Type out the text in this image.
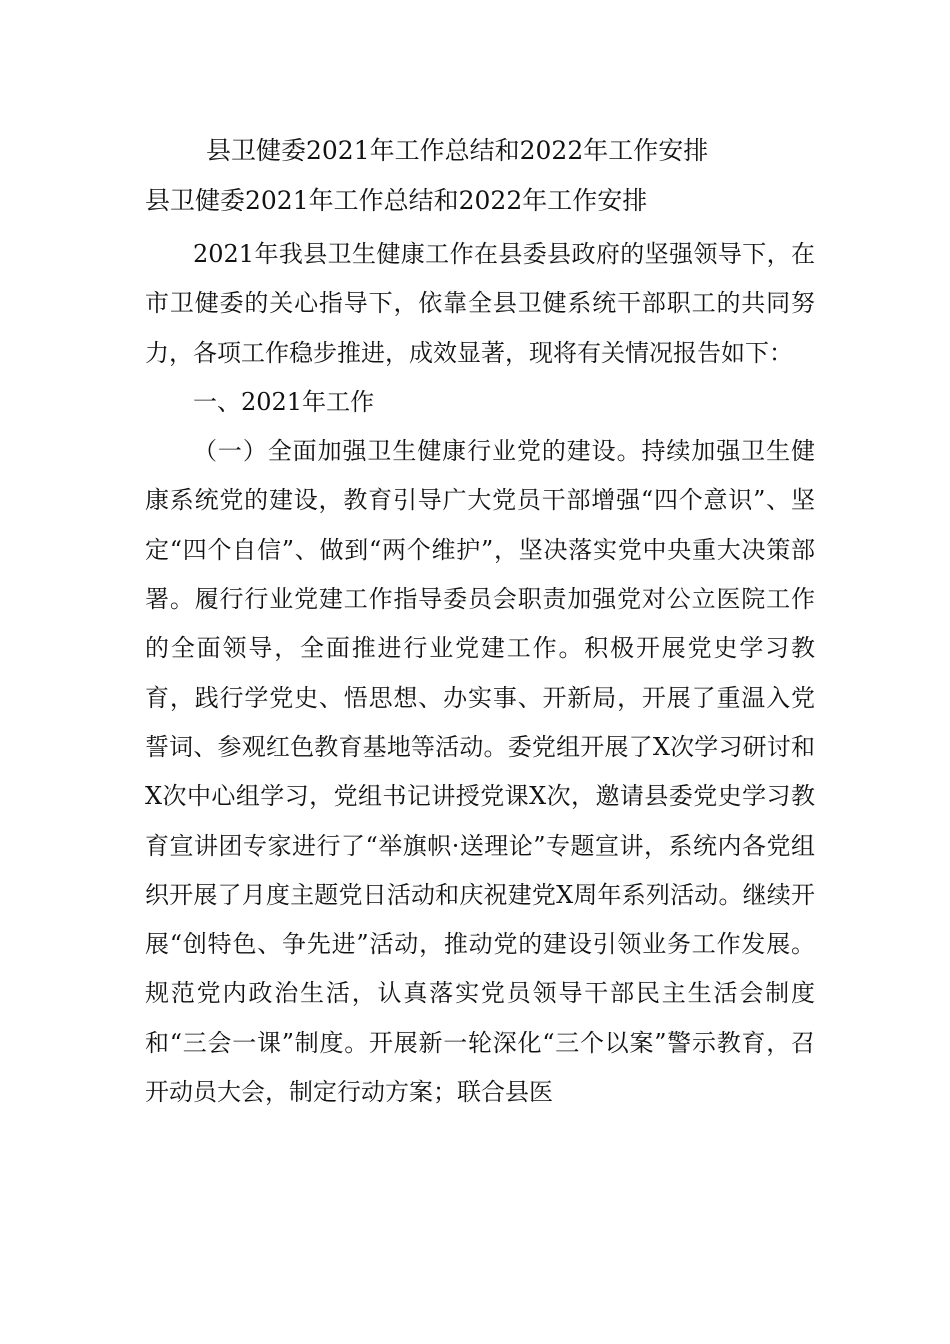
县卫健委2021年工作总结和2022年工作安排
县卫健委2021年工作总结和2022年工作安排

2021年我县卫生健康工作在县委县政府的坚强领导下，在市卫健委的关心指导下，依靠全县卫健系统干部职工的共同努力，各项工作稳步推进，成效显著，现将有关情况报告如下：

一、2021年工作

（一）全面加强卫生健康行业党的建设。持续加强卫生健康系统党的建设，教育引导广大党员干部增强“四个意识”、坚定“四个自信”、做到“两个维护”，坚决落实党中央重大决策部署。履行行业党建工作指导委员会职责加强党对公立医院工作的全面领导，全面推进行业党建工作。积极开展党史学习教育，践行学党史、悟思想、办实事、开新局，开展了重温入党誓词、参观红色教育基地等活动。委党组开展了X次学习研讨和X次中心组学习，党组书记讲授党课X次，邀请县委党史学习教育宣讲团专家进行了“举旗帜·送理论”专题宣讲，系统内各党组织开展了月度主题党日活动和庆祝建党X周年系列活动。继续开展“创特色、争先进”活动，推动党的建设引领业务工作发展。规范党内政治生活，认真落实党员领导干部民主生活会制度和“三会一课”制度。开展新一轮深化“三个以案”警示教育，召开动员大会，制定行动方案；联合县医
